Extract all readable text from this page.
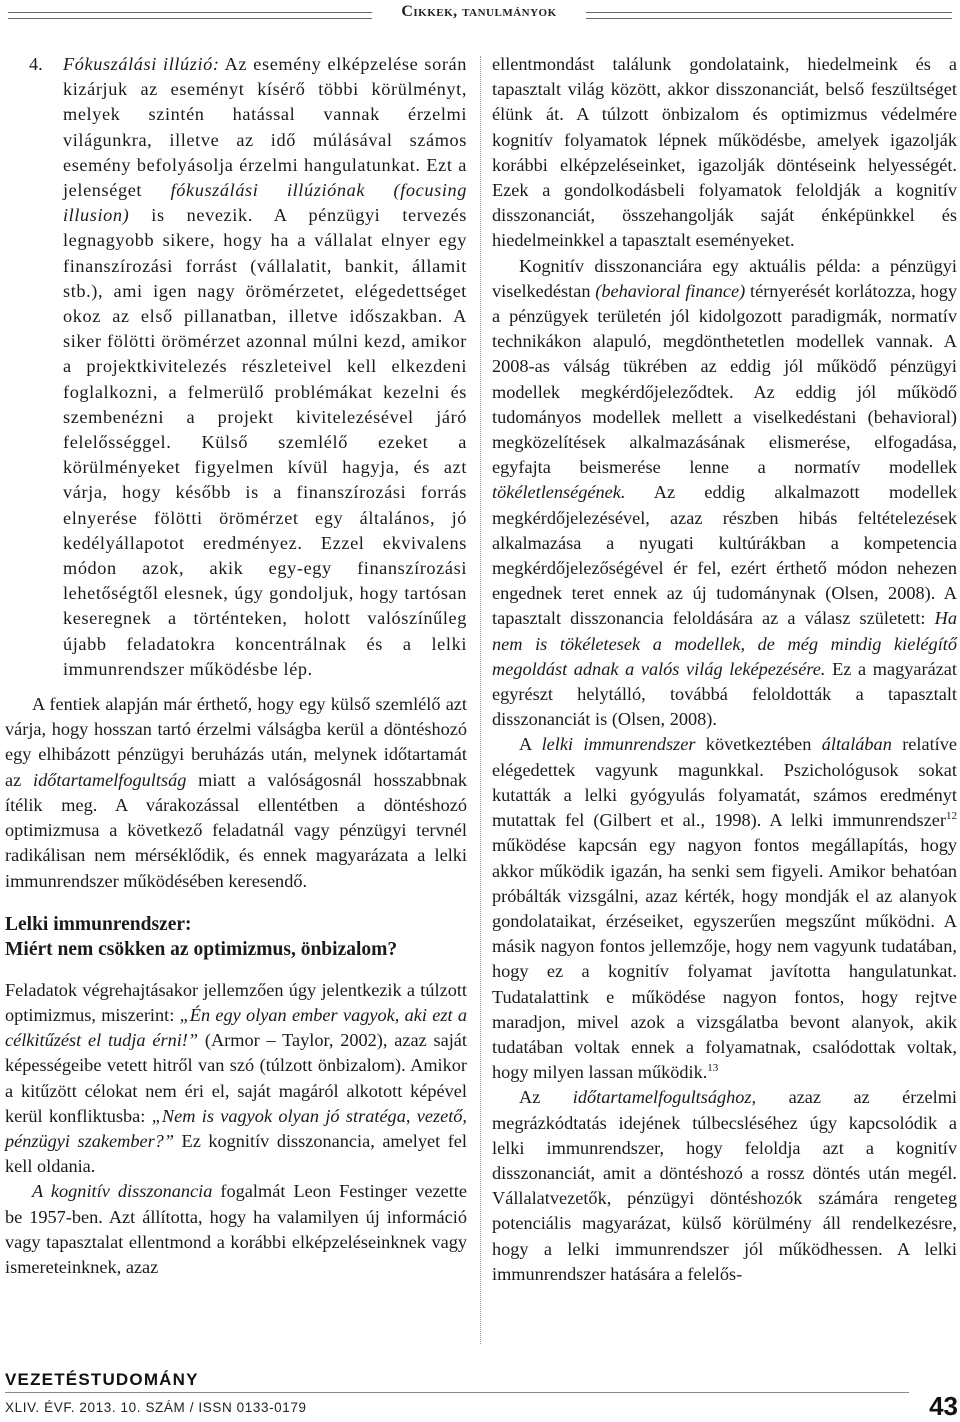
Cikkek, tanulmányok
4. Fókuszálási illúzió: Az esemény elképzelése során kizárjuk az eseményt kísérő többi körülményt, melyek szintén hatással vannak érzelmi világunkra, illetve az idő múlásával számos esemény befolyásolja érzelmi hangulatunkat. Ezt a jelenséget fókuszálási illúziónak (focusing illusion) is nevezik. A pénzügyi tervezés legnagyobb sikere, hogy ha a vállalat elnyer egy finanszírozási forrást (vállalatit, bankit, államit stb.), ami igen nagy örömérzetet, elégedettséget okoz az első pillanatban, illetve időszakban. A siker fölötti örömérzet azonnal múlni kezd, amikor a projektkivitelezés részleteivel kell elkezdeni foglalkozni, a felmerülő problémákat kezelni és szembenézni a projekt kivitelezésével járó felelősséggel. Külső szemlélő ezeket a körülményeket figyelmen kívül hagyja, és azt várja, hogy később is a finanszírozási forrás elnyerése fölötti örömérzet egy általános, jó kedélyállapotot eredményez. Ezzel ekvivalens módon azok, akik egy-egy finanszírozási lehetőségtől elesnek, úgy gondoljuk, hogy tartósan keseregnek a történteken, holott valószínűleg újabb feladatokra koncentrálnak és a lelki immunrendszer működésbe lép.

A fentiek alapján már érthető, hogy egy külső szemlélő azt várja, hogy hosszan tartó érzelmi válságba kerül a döntéshozó egy elhibázott pénzügyi beruházás után, melynek időtartamát az időtartamelfogultság miatt a valóságosnál hosszabbnak ítélik meg. A várakozással ellentétben a döntéshozó optimizmusa a következő feladatnál vagy pénzügyi tervnél radikálisan nem mérséklődik, és ennek magyarázata a lelki immunrendszer működésében keresendő.

Lelki immunrendszer:
Miért nem csökken az optimizmus, önbizalom?

Feladatok végrehajtásakor jellemzően úgy jelentkezik a túlzott optimizmus, miszerint: „Én egy olyan ember vagyok, aki ezt a célkitűzést el tudja érni!” (Armor – Taylor, 2002), azaz saját képességeibe vetett hitről van szó (túlzott önbizalom). Amikor a kitűzött célokat nem éri el, saját magáról alkotott képével kerül konfliktusba: „Nem is vagyok olyan jó stratéga, vezető, pénzügyi szakember?” Ez kognitív disszonancia, amelyet fel kell oldania.

A kognitív disszonancia fogalmát Leon Festinger vezette be 1957-ben. Azt állította, hogy ha valamilyen új információ vagy tapasztalat ellentmond a korábbi elképzeléseinknek vagy ismereteinknek, azaz

ellentmondást találunk gondolataink, hiedelmeink és a tapasztalt világ között, akkor disszonanciát, belső feszültséget élünk át. A túlzott önbizalom és optimizmus védelmére kognitív folyamatok lépnek működésbe, amelyek igazolják korábbi elképzeléseinket, igazolják döntéseink helyességét. Ezek a gondolkodásbeli folyamatok feloldják a kognitív disszonanciát, összehangolják saját énképünkkel és hiedelmeinkkel a tapasztalt eseményeket.

Kognitív disszonanciára egy aktuális példa: a pénzügyi viselkedéstan (behavioral finance) térnyerését korlátozza, hogy a pénzügyek területén jól kidolgozott paradigmák, normatív technikákon alapuló, megdönthetetlen modellek vannak. A 2008-as válság tükrében az eddig jól működő pénzügyi modellek megkérdőjeleződtek. Az eddig jól működő tudományos modellek mellett a viselkedéstani (behavioral) megközelítések alkalmazásának elismerése, elfogadása, egyfajta beismerése lenne a normatív modellek tökéletlenségének. Az eddig alkalmazott modellek megkérdőjelezésével, azaz részben hibás feltételezések alkalmazása a nyugati kultúrákban a kompetencia megkérdőjelezőségével ér fel, ezért érthető módon nehezen engednek teret ennek az új tudománynak (Olsen, 2008). A tapasztalt disszonancia feloldására az a válasz született: Ha nem is tökéletesek a modellek, de még mindig kielégítő megoldást adnak a valós világ leképezésére. Ez a magyarázat egyrészt helytálló, továbbá feloldották a tapasztalt disszonanciát is (Olsen, 2008).

A lelki immunrendszer következtében általában relatíve elégedettek vagyunk magunkkal. Pszichológusok sokat kutatták a lelki gyógyulás folyamatát, számos eredményt mutattak fel (Gilbert et al., 1998). A lelki immunrendszer$^{12}$ működése kapcsán egy nagyon fontos megállapítás, hogy akkor működik igazán, ha senki sem figyeli. Amikor behatóan próbálták vizsgálni, azaz kérték, hogy mondják el az alanyok gondolataikat, érzéseiket, egyszerűen megszűnt működni. A másik nagyon fontos jellemzője, hogy nem vagyunk tudatában, hogy ez a kognitív folyamat javította hangulatunkat. Tudatalattink e működése nagyon fontos, hogy rejtve maradjon, mivel azok a vizsgálatba bevont alanyok, akik tudatában voltak ennek a folyamatnak, csalódottak voltak, hogy milyen lassan működik.$^{13}$

Az időtartamelfogultsághoz, azaz az érzelmi megrázkódtatás idejének túlbecsléséhez úgy kapcsolódik a lelki immunrendszer, hogy feloldja azt a kognitív disszonanciát, amit a döntéshozó a rossz döntés után megél. Vállalatvezetők, pénzügyi döntéshozók számára rengeteg potenciális magyarázat, külső körülmény áll rendelkezésre, hogy a lelki immunrendszer jól működhessen. A lelki immunrendszer hatására a felelős-

VEZETÉSTUDOMÁNY
XLIV. ÉVF. 2013. 10. SZÁM / ISSN 0133-0179	43
